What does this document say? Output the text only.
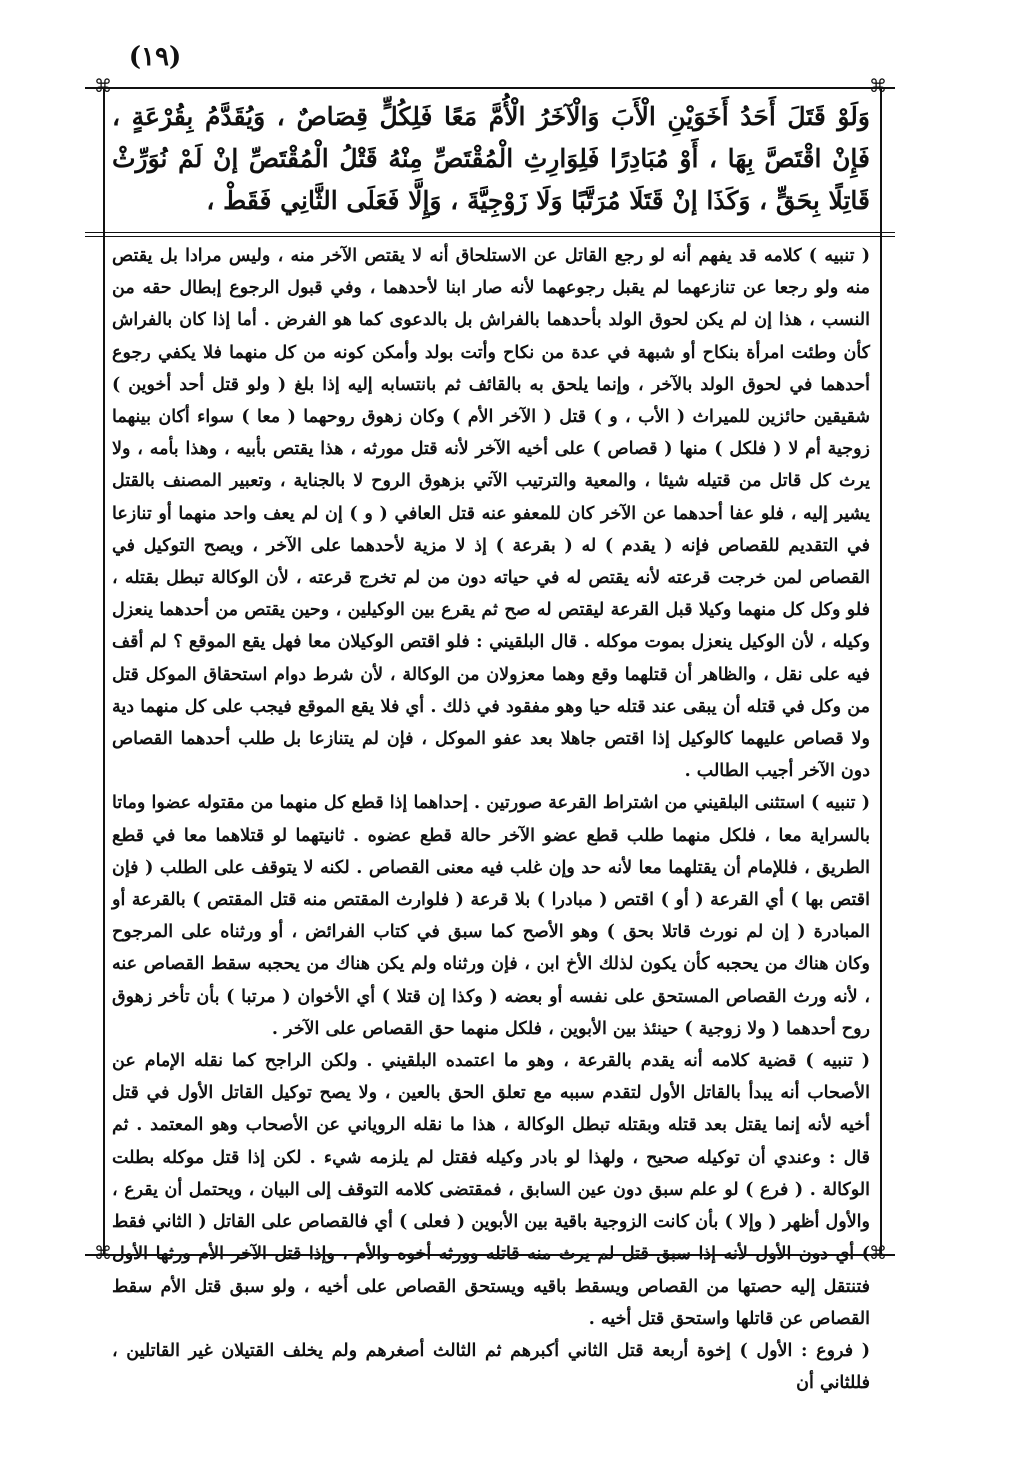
(١٩)
⌘	⌘
⌘	⌘

وَلَوْ قَتَلَ أَحَدُ أَخَوَيْنِ الْأَبَ وَالْآخَرُ الْأُمَّ مَعًا فَلِكُلٍّ قِصَاصٌ ، وَيُقَدَّمُ بِقُرْعَةٍ ، فَإِنْ اقْتَصَّ بِهَا ، أَوْ مُبَادِرًا فَلِوَارِثِ الْمُقْتَصِّ مِنْهُ قَتْلُ الْمُقْتَصِّ إنْ لَمْ نُوَرِّثْ قَاتِلًا بِحَقٍّ ، وَكَذَا إنْ قَتَلَا مُرَتَّبًا وَلَا زَوْجِيَّةَ ، وَإِلَّا فَعَلَى الثَّانِي فَقَطْ ،

( تنبيه ) كلامه قد يفهم أنه لو رجع القاتل عن الاستلحاق أنه لا يقتص الآخر منه ، وليس مرادا بل يقتص منه ولو رجعا عن تنازعهما لم يقبل رجوعهما لأنه صار ابنا لأحدهما ، وفي قبول الرجوع إبطال حقه من النسب ، هذا إن لم يكن لحوق الولد بأحدهما بالفراش بل بالدعوى كما هو الفرض . أما إذا كان بالفراش كأن وطئت امرأة بنكاح أو شبهة في عدة من نكاح وأتت بولد وأمكن كونه من كل منهما فلا يكفي رجوع أحدهما في لحوق الولد بالآخر ، وإنما يلحق به بالقائف ثم بانتسابه إليه إذا بلغ ( ولو قتل أحد أخوين ) شقيقين حائزين للميراث ( الأب ، و ) قتل ( الآخر الأم ) وكان زهوق روحهما ( معا ) سواء أكان بينهما زوجية أم لا ( فلكل ) منها ( قصاص ) على أخيه الآخر لأنه قتل مورثه ، هذا يقتص بأبيه ، وهذا بأمه ، ولا يرث كل قاتل من قتيله شيئا ، والمعية والترتيب الآتي بزهوق الروح لا بالجناية ، وتعبير المصنف بالقتل يشير إليه ، فلو عفا أحدهما عن الآخر كان للمعفو عنه قتل العافي ( و ) إن لم يعف واحد منهما أو تنازعا في التقديم للقصاص فإنه ( يقدم ) له ( بقرعة ) إذ لا مزية لأحدهما على الآخر ، ويصح التوكيل في القصاص لمن خرجت قرعته لأنه يقتص له في حياته دون من لم تخرج قرعته ، لأن الوكالة تبطل بقتله ، فلو وكل كل منهما وكيلا قبل القرعة ليقتص له صح ثم يقرع بين الوكيلين ، وحين يقتص من أحدهما ينعزل وكيله ، لأن الوكيل ينعزل بموت موكله . قال البلقيني : فلو اقتص الوكيلان معا فهل يقع الموقع ؟ لم أقف فيه على نقل ، والظاهر أن قتلهما وقع وهما معزولان من الوكالة ، لأن شرط دوام استحقاق الموكل قتل من وكل في قتله أن يبقى عند قتله حيا وهو مفقود في ذلك . أي فلا يقع الموقع فيجب على كل منهما دية ولا قصاص عليهما كالوكيل إذا اقتص جاهلا بعد عفو الموكل ، فإن لم يتنازعا بل طلب أحدهما القصاص دون الآخر أجيب الطالب .

( تنبيه ) استثنى البلقيني من اشتراط القرعة صورتين . إحداهما إذا قطع كل منهما من مقتوله عضوا وماتا بالسراية معا ، فلكل منهما طلب قطع عضو الآخر حالة قطع عضوه . ثانيتهما لو قتلاهما معا في قطع الطريق ، فللإمام أن يقتلهما معا لأنه حد وإن غلب فيه معنى القصاص . لكنه لا يتوقف على الطلب ( فإن اقتص بها ) أي القرعة ( أو ) اقتص ( مبادرا ) بلا قرعة ( فلوارث المقتص منه قتل المقتص ) بالقرعة أو المبادرة ( إن لم نورث قاتلا بحق ) وهو الأصح كما سبق في كتاب الفرائض ، أو ورثناه على المرجوح وكان هناك من يحجبه كأن يكون لذلك الأخ ابن ، فإن ورثناه ولم يكن هناك من يحجبه سقط القصاص عنه ، لأنه ورث القصاص المستحق على نفسه أو بعضه ( وكذا إن قتلا ) أي الأخوان ( مرتبا ) بأن تأخر زهوق روح أحدهما ( ولا زوجية ) حينئذ بين الأبوين ، فلكل منهما حق القصاص على الآخر .

( تنبيه ) قضية كلامه أنه يقدم بالقرعة ، وهو ما اعتمده البلقيني . ولكن الراجح كما نقله الإمام عن الأصحاب أنه يبدأ بالقاتل الأول لتقدم سببه مع تعلق الحق بالعين ، ولا يصح توكيل القاتل الأول في قتل أخيه لأنه إنما يقتل بعد قتله وبقتله تبطل الوكالة ، هذا ما نقله الروياني عن الأصحاب وهو المعتمد . ثم قال : وعندي أن توكيله صحيح ، ولهذا لو بادر وكيله فقتل لم يلزمه شيء . لكن إذا قتل موكله بطلت الوكالة . ( فرع ) لو علم سبق دون عين السابق ، فمقتضى كلامه التوقف إلى البيان ، ويحتمل أن يقرع ، والأول أظهر ( وإلا ) بأن كانت الزوجية باقية بين الأبوين ( فعلى ) أي فالقصاص على القاتل ( الثاني فقط ) أي دون الأول لأنه إذا سبق قتل لم يرث منه قاتله وورثه أخوه والأم ، وإذا قتل الآخر الأم ورثها الأول فتنتقل إليه حصتها من القصاص ويسقط باقيه ويستحق القصاص على أخيه ، ولو سبق قتل الأم سقط القصاص عن قاتلها واستحق قتل أخيه .

( فروع : الأول ) إخوة أربعة قتل الثاني أكبرهم ثم الثالث أصغرهم ولم يخلف القتيلان غير القاتلين ، فللثاني أن
